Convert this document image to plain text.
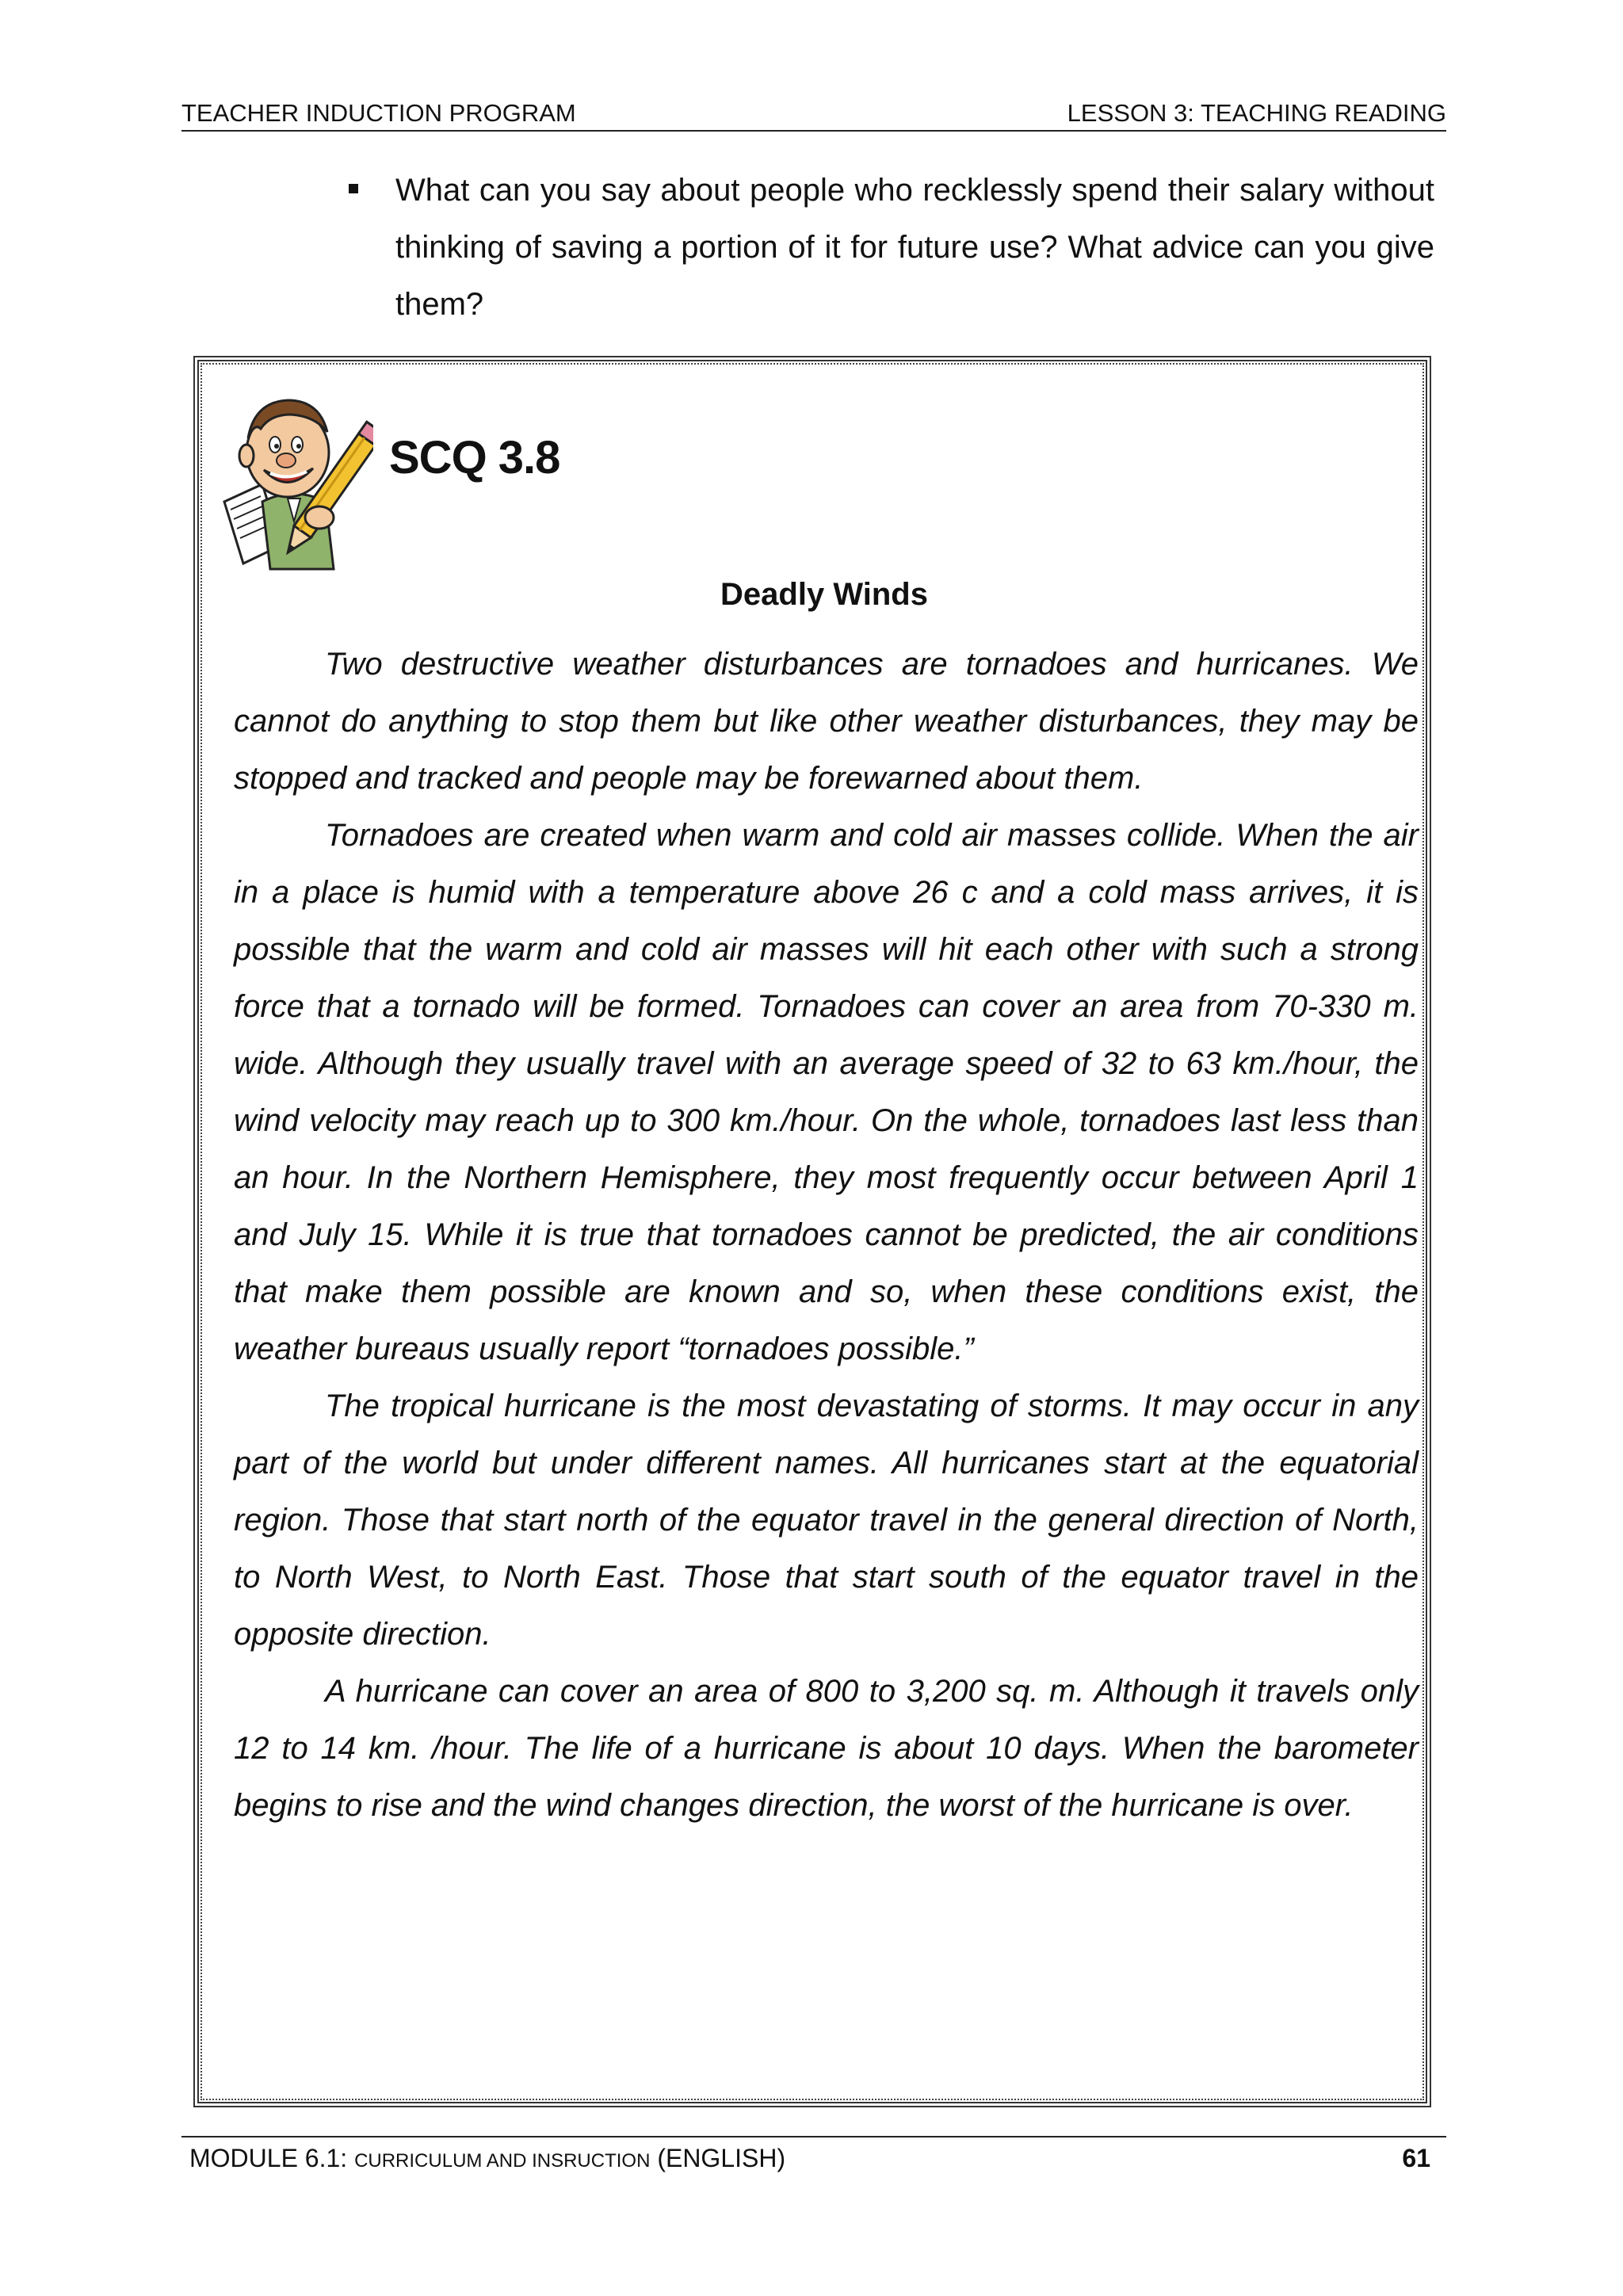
TEACHER INDUCTION PROGRAM	LESSON 3: TEACHING READING
What can you say about people who recklessly spend their salary without thinking of saving a portion of it for future use? What advice can you give them?
SCQ 3.8
Deadly Winds

Two destructive weather disturbances are tornadoes and hurricanes. We cannot do anything to stop them but like other weather disturbances, they may be stopped and tracked and people may be forewarned about them.

Tornadoes are created when warm and cold air masses collide. When the air in a place is humid with a temperature above 26 c and a cold mass arrives, it is possible that the warm and cold air masses will hit each other with such a strong force that a tornado will be formed. Tornadoes can cover an area from 70-330 m. wide. Although they usually travel with an average speed of 32 to 63 km./hour, the wind velocity may reach up to 300 km./hour. On the whole, tornadoes last less than an hour. In the Northern Hemisphere, they most frequently occur between April 1 and July 15. While it is true that tornadoes cannot be predicted, the air conditions that make them possible are known and so, when these conditions exist, the weather bureaus usually report “tornadoes possible.”

The tropical hurricane is the most devastating of storms. It may occur in any part of the world but under different names. All hurricanes start at the equatorial region. Those that start north of the equator travel in the general direction of North, to North West, to North East. Those that start south of the equator travel in the opposite direction.

A hurricane can cover an area of 800 to 3,200 sq. m. Although it travels only 12 to 14 km. /hour. The life of a hurricane is about 10 days. When the barometer begins to rise and the wind changes direction, the worst of the hurricane is over.

MODULE 6.1: CURRICULUM AND INSRUCTION (ENGLISH)	61
